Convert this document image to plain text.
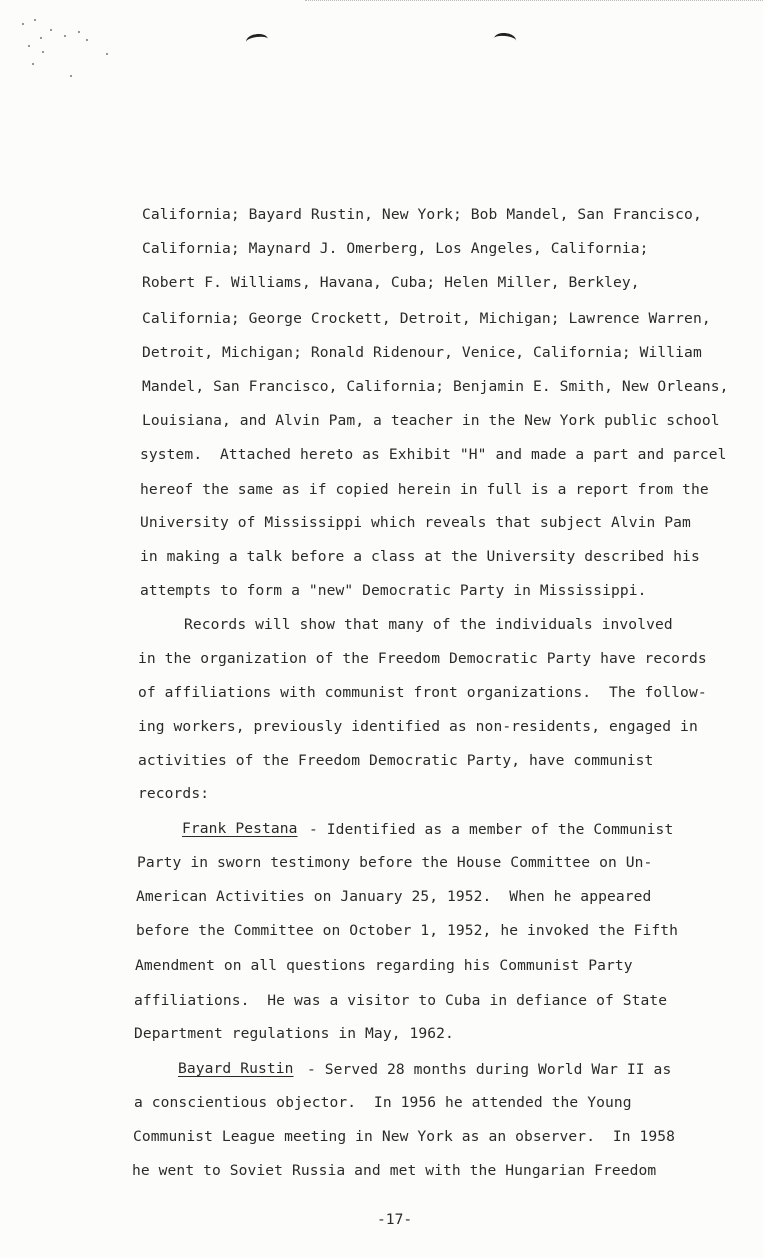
California; Bayard Rustin, New York; Bob Mandel, San Francisco,
California; Maynard J. Omerberg, Los Angeles, California;
Robert F. Williams, Havana, Cuba; Helen Miller, Berkley,
California; George Crockett, Detroit, Michigan; Lawrence Warren,
Detroit, Michigan; Ronald Ridenour, Venice, California; William
Mandel, San Francisco, California; Benjamin E. Smith, New Orleans,
Louisiana, and Alvin Pam, a teacher in the New York public school
system.  Attached hereto as Exhibit "H" and made a part and parcel
hereof the same as if copied herein in full is a report from the
University of Mississippi which reveals that subject Alvin Pam
in making a talk before a class at the University described his
attempts to form a "new" Democratic Party in Mississippi.
Records will show that many of the individuals involved
in the organization of the Freedom Democratic Party have records
of affiliations with communist front organizations.  The follow-
ing workers, previously identified as non-residents, engaged in
activities of the Freedom Democratic Party, have communist
records:
Frank Pestana - Identified as a member of the Communist
Party in sworn testimony before the House Committee on Un-
American Activities on January 25, 1952.  When he appeared
before the Committee on October 1, 1952, he invoked the Fifth
Amendment on all questions regarding his Communist Party
affiliations.  He was a visitor to Cuba in defiance of State
Department regulations in May, 1962.
Bayard Rustin - Served 28 months during World War II as
a conscientious objector.  In 1956 he attended the Young
Communist League meeting in New York as an observer.  In 1958
he went to Soviet Russia and met with the Hungarian Freedom
-17-
